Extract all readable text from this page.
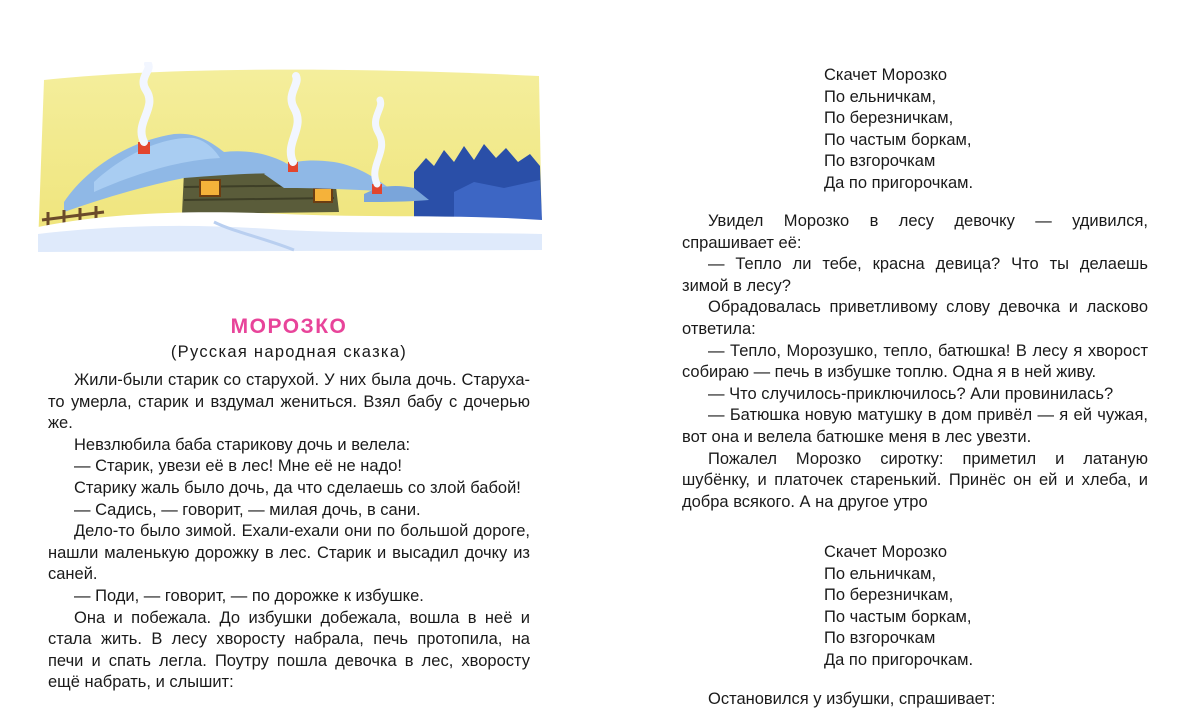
МОРОЗКО
(Русская народная сказка)

Жили-были старик со старухой. У них была дочь. Старуха-то умерла, старик и вздумал жениться. Взял бабу с дочерью же.

Невзлюбила баба старикову дочь и велела:

— Старик, увези её в лес! Мне её не надо!

Старику жаль было дочь, да что сделаешь со злой бабой!

— Садись, — говорит, — милая дочь, в сани.

Дело-то было зимой. Ехали-ехали они по большой дороге, нашли маленькую дорожку в лес. Старик и высадил дочку из саней.

— Поди, — говорит, — по дорожке к избушке.

Она и побежала. До избушки добежала, вошла в неё и стала жить. В лесу хворосту набрала, печь протопила, на печи и спать легла. Поутру пошла девочка в лес, хворосту ещё набрать, и слышит:

Скачет Морозко
По ельничкам,
По березничкам,
По частым боркам,
По взгорочкам
Да по пригорочкам.

Увидел Морозко в лесу девочку — удивился, спрашивает её:

— Тепло ли тебе, красна девица? Что ты делаешь зимой в лесу?

Обрадовалась приветливому слову девочка и ласково ответила:

— Тепло, Морозушко, тепло, батюшка! В лесу я хворост собираю — печь в избушке топлю. Одна я в ней живу.

— Что случилось-приключилось? Али провинилась?

— Батюшка новую матушку в дом привёл — я ей чужая, вот она и велела батюшке меня в лес увезти.

Пожалел Морозко сиротку: приметил и латаную шубёнку, и платочек старенький. Принёс он ей и хлеба, и добра всякого. А на другое утро

Скачет Морозко
По ельничкам,
По березничкам,
По частым боркам,
По взгорочкам
Да по пригорочкам.
Остановился у избушки, спрашивает:
